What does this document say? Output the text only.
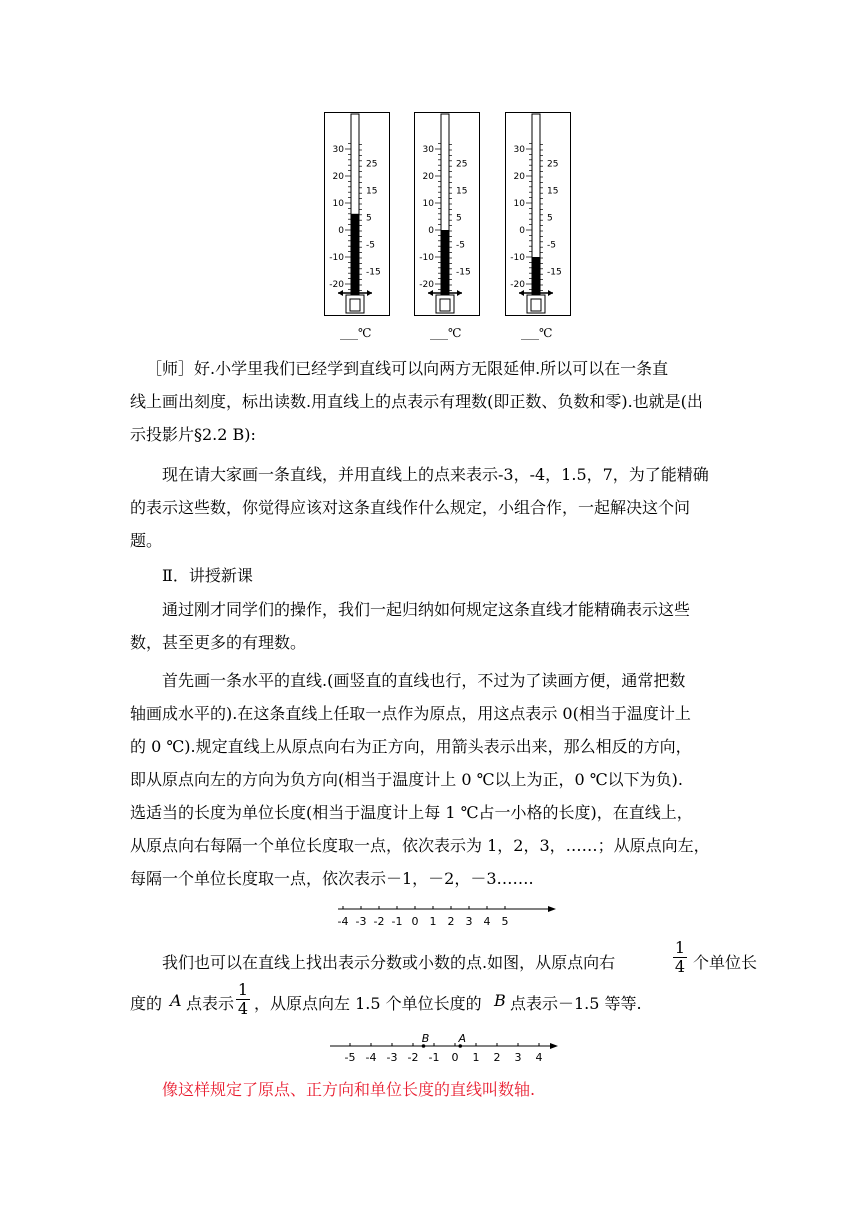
30
20
10
0
-10
-20
25
15
5
-5
-15
30
20
10
0
-10
-20
25
15
5
-5
-15
30
20
10
0
-10
-20
25
15
5
-5
-15
___℃	___℃	___℃
［师］好.小学里我们已经学到直线可以向两方无限延伸.所以可以在一条直
线上画出刻度，标出读数.用直线上的点表示有理数(即正数、负数和零).也就是(出
示投影片§2.2 B):
现在请大家画一条直线，并用直线上的点来表示-3，-4，1.5，7，为了能精确
的表示这些数，你觉得应该对这条直线作什么规定，小组合作，一起解决这个问
题。
Ⅱ．讲授新课
通过刚才同学们的操作，我们一起归纳如何规定这条直线才能精确表示这些
数，甚至更多的有理数。
首先画一条水平的直线.(画竖直的直线也行，不过为了读画方便，通常把数
轴画成水平的).在这条直线上任取一点作为原点，用这点表示 0(相当于温度计上
的 0 ℃).规定直线上从原点向右为正方向，用箭头表示出来，那么相反的方向，
即从原点向左的方向为负方向(相当于温度计上 0 ℃以上为正，0 ℃以下为负).
选适当的长度为单位长度(相当于温度计上每 1 ℃占一小格的长度)，在直线上，
从原点向右每隔一个单位长度取一点，依次表示为 1，2，3，……；从原点向左，
每隔一个单位长度取一点，依次表示－1，－2，－3…….
-4 -3 -2 -1 0 1 2 3 4 5
我们也可以在直线上找出表示分数或小数的点.如图，从原点向右
1
4 个单位长
度的 A 点表示
1
4 ，从原点向左 1.5 个单位长度的 B 点表示－1.5 等等.
-5 -4 -3 -2 -1 0 1 2 3 4
B	A
像这样规定了原点、正方向和单位长度的直线叫数轴.
